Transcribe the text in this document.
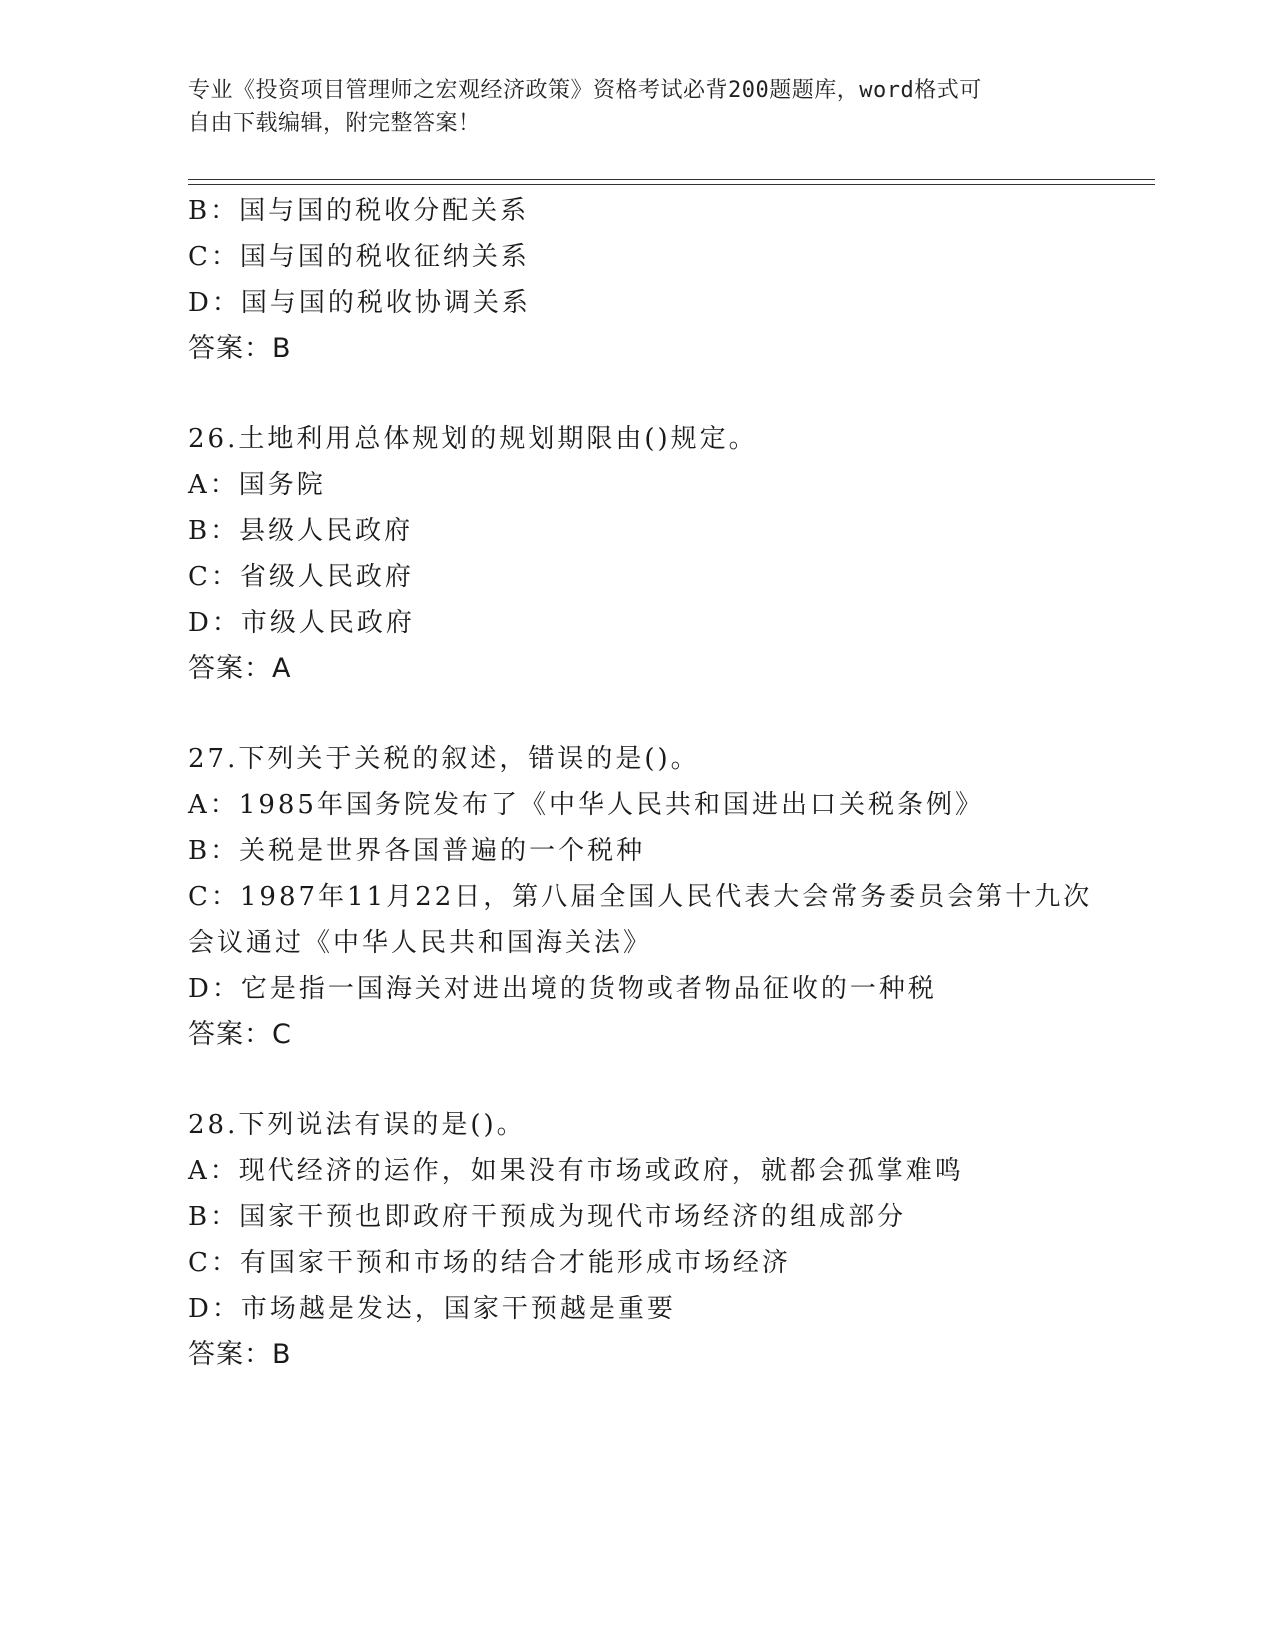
专业《投资项目管理师之宏观经济政策》资格考试必背200题题库，word格式可
自由下载编辑，附完整答案！
B：国与国的税收分配关系
C：国与国的税收征纳关系
D：国与国的税收协调关系
答案：B
26.土地利用总体规划的规划期限由()规定。
A：国务院
B：县级人民政府
C：省级人民政府
D：市级人民政府
答案：A
27.下列关于关税的叙述，错误的是()。
A：1985年国务院发布了《中华人民共和国进出口关税条例》
B：关税是世界各国普遍的一个税种
C：1987年11月22日，第八届全国人民代表大会常务委员会第十九次
会议通过《中华人民共和国海关法》
D：它是指一国海关对进出境的货物或者物品征收的一种税
答案：C
28.下列说法有误的是()。
A：现代经济的运作，如果没有市场或政府，就都会孤掌难鸣
B：国家干预也即政府干预成为现代市场经济的组成部分
C：有国家干预和市场的结合才能形成市场经济
D：市场越是发达，国家干预越是重要
答案：B
